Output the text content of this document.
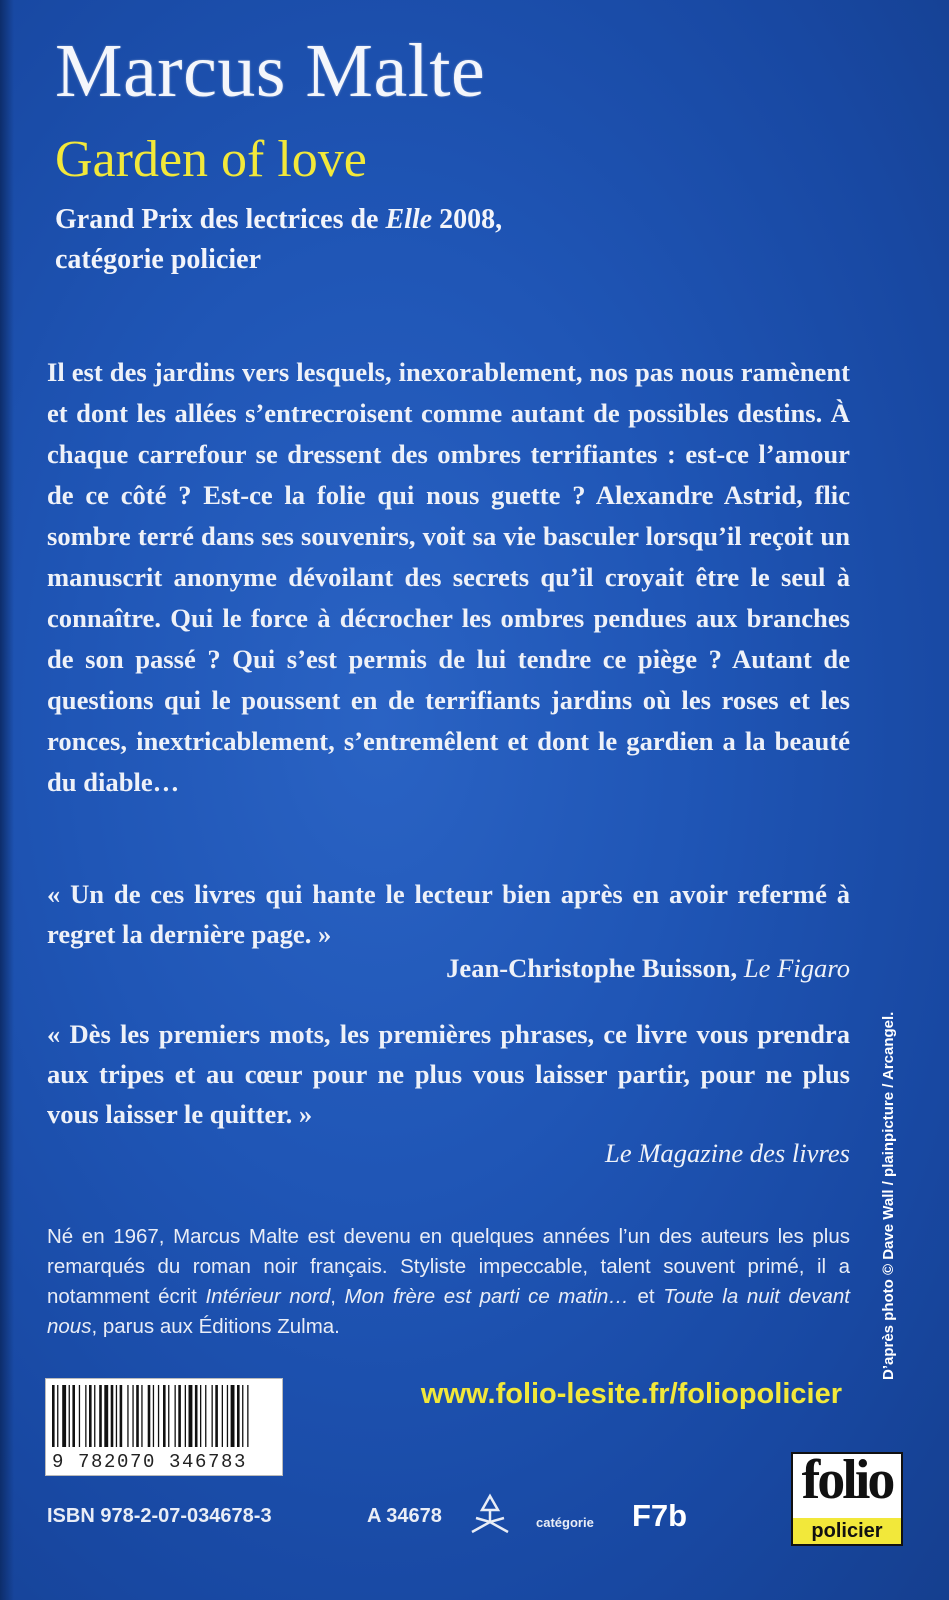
Marcus Malte
Garden of love
Grand Prix des lectrices de Elle 2008,
catégorie policier
Il est des jardins vers lesquels, inexorablement, nos pas nous ramènent et dont les allées s’entrecroisent comme autant de possibles destins. À chaque carrefour se dressent des ombres terrifiantes : est-ce l’amour de ce côté ? Est-ce la folie qui nous guette ? Alexandre Astrid, flic sombre terré dans ses souvenirs, voit sa vie basculer lorsqu’il reçoit un manuscrit anonyme dévoilant des secrets qu’il croyait être le seul à connaître. Qui le force à décrocher les ombres pendues aux branches de son passé ? Qui s’est permis de lui tendre ce piège ? Autant de questions qui le poussent en de terrifiants jardins où les roses et les ronces, inextricablement, s’entremêlent et dont le gardien a la beauté du diable…
« Un de ces livres qui hante le lecteur bien après en avoir refermé à regret la dernière page. »
Jean-Christophe Buisson, Le Figaro
« Dès les premiers mots, les premières phrases, ce livre vous prendra aux tripes et au cœur pour ne plus vous laisser partir, pour ne plus vous laisser le quitter. »
Le Magazine des livres
Né en 1967, Marcus Malte est devenu en quelques années l’un des auteurs les plus remarqués du roman noir français. Styliste impeccable, talent souvent primé, il a notamment écrit Intérieur nord, Mon frère est parti ce matin… et Toute la nuit devant nous, parus aux Éditions Zulma.
9 782070 346783
www.folio-lesite.fr/foliopolicier
ISBN 978-2-07-034678-3	A 34678	catégorie F7b
folio
policier
D’après photo © Dave Wall / plainpicture / Arcangel.
